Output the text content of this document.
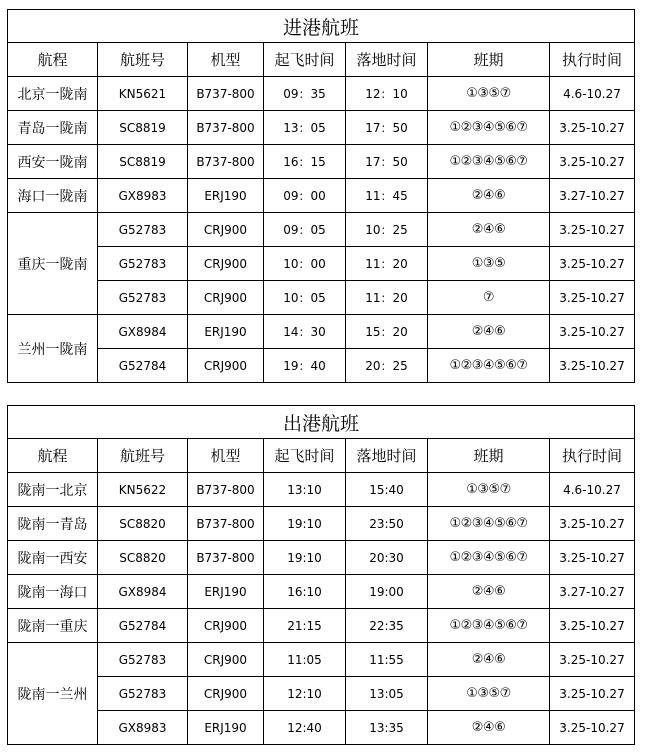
进港航班						
航程	航班号	机型	起飞时间	落地时间	班期	执行时间
北京一陇南	KN5621	B737-800	09：35	12：10	①③⑤⑦	4.6-10.27
青岛一陇南	SC8819	B737-800	13：05	17：50	①②③④⑤⑥⑦	3.25-10.27
西安一陇南	SC8819	B737-800	16：15	17：50	①②③④⑤⑥⑦	3.25-10.27
海口一陇南	GX8983	ERJ190	09：00	11：45	②④⑥	3.27-10.27
重庆一陇南	G52783	CRJ900	09：05	10：25	②④⑥	3.25-10.27
	G52783	CRJ900	10：00	11：20	①③⑤	3.25-10.27
	G52783	CRJ900	10：05	11：20	⑦	3.25-10.27
兰州一陇南	GX8984	ERJ190	14：30	15：20	②④⑥	3.25-10.27
	G52784	CRJ900	19：40	20：25	①②③④⑤⑥⑦	3.25-10.27
出港航班						
航程	航班号	机型	起飞时间	落地时间	班期	执行时间
陇南一北京	KN5622	B737-800	13:10	15:40	①③⑤⑦	4.6-10.27
陇南一青岛	SC8820	B737-800	19:10	23:50	①②③④⑤⑥⑦	3.25-10.27
陇南一西安	SC8820	B737-800	19:10	20:30	①②③④⑤⑥⑦	3.25-10.27
陇南一海口	GX8984	ERJ190	16:10	19:00	②④⑥	3.27-10.27
陇南一重庆	G52784	CRJ900	21:15	22:35	①②③④⑤⑥⑦	3.25-10.27
陇南一兰州	G52783	CRJ900	11:05	11:55	②④⑥	3.25-10.27
	G52783	CRJ900	12:10	13:05	①③⑤⑦	3.25-10.27
	GX8983	ERJ190	12:40	13:35	②④⑥	3.25-10.27
